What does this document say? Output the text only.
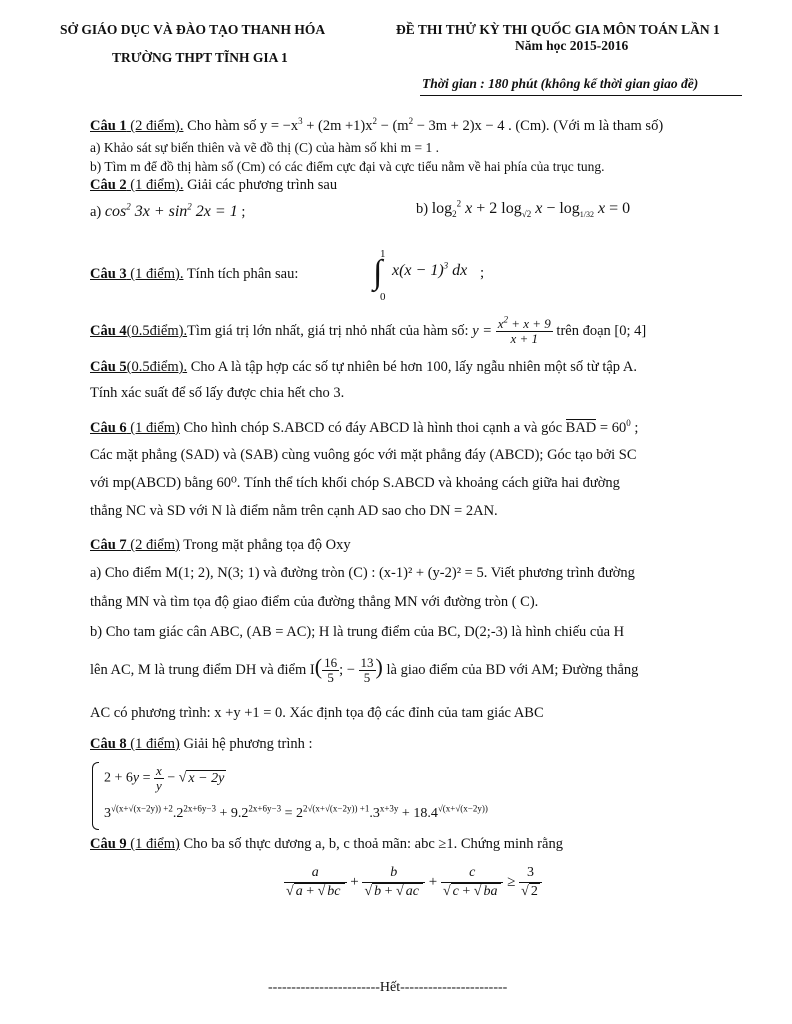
SỞ GIÁO DỤC VÀ ĐÀO TẠO THANH HÓA
TRƯỜNG THPT TĨNH GIA 1
ĐỀ THI THỬ KỲ THI QUỐC GIA MÔN TOÁN LẦN 1
Năm học 2015-2016
Thời gian : 180 phút (không kể thời gian giao đề)
Câu 1 (2 điểm). Cho hàm số $y = -x^3 + (2m +1)x^2 - (m^2 - 3m + 2)x - 4$ . (Cm). (Với m là tham số)
a) Khảo sát sự biến thiên và vẽ đồ thị (C) của hàm số khi m = 1 .
b) Tìm m để đồ thị hàm số (Cm) có các điểm cực đại và cực tiểu nằm về hai phía của trục tung.
Câu 2 (1 điểm). Giải các phương trình sau
a) $\cos^2 3x + \sin^2 2x = 1$ ;	b) $\log_2^2 x + 2$ $\log_{√2} x - \log_{1/32} x = 0$
Câu 3 (1 điểm). Tính tích phân sau:
1
∫
0
$x(x - 1)^3$ dx ;
Câu 4(0.5điểm).Tìm giá trị lớn nhất, giá trị nhỏ nhất của hàm số: $y = \frac{x^2 + x + 9}{x + 1}$ trên đoạn [0; 4]
Câu 5(0.5điểm). Cho A là tập hợp các số tự nhiên bé hơn 100, lấy ngẫu nhiên một số từ tập A.
Tính xác suất để số lấy được chia hết cho 3.
Câu 6 (1 điểm) Cho hình chóp S.ABCD có đáy ABCD là hình thoi cạnh a và góc BAD = $60^0$ ;
Các mặt phẳng (SAD) và (SAB) cùng vuông góc với mặt phẳng đáy (ABCD); Góc tạo bởi SC
với mp(ABCD) bằng 60⁰. Tính thể tích khối chóp S.ABCD và khoảng cách giữa hai đường
thẳng NC và SD với N là điểm nằm trên cạnh AD sao cho DN = 2AN.
Câu 7 (2 điểm) Trong mặt phẳng tọa độ Oxy
a) Cho điểm M(1; 2), N(3; 1) và đường tròn (C) : (x-1)² + (y-2)² = 5. Viết phương trình đường
thẳng MN và tìm tọa độ giao điểm của đường thẳng MN với đường tròn ( C).
b) Cho tam giác cân ABC, (AB = AC); H là trung điểm của BC, D(2;-3) là hình chiếu của H
lên AC, M là trung điểm DH và điểm $I( \frac{16}{5}$ ; − $\frac{13}{5}$ ) là giao điểm của BD với AM; Đường thẳng
AC có phương trình: x +y +1 = 0. Xác định tọa độ các đỉnh của tam giác ABC
Câu 8 (1 điểm) Giải hệ phương trình :
$2 + 6y = \frac{x}{y}$ − √ x − 2y
$3^{√(x+√(x-2y)) +2}.2^{2x+6y-3} + 9.2^{2x+6y-3} = 2^{2√(x+√(x-2y)) +1}.3^{x+3y} + 18.4^{√(x+√(x-2y))}$
Câu 9 (1 điểm) Cho ba số thực dương a, b, c thoả mãn: abc ≥1. Chứng minh rằng
$\frac{a}{√ a + √ bc} + \frac{b}{√ b + √ ac} + \frac{c}{√ c + √ ba} \ge \frac{3}{√ 2}$
------------------------Hết-----------------------
